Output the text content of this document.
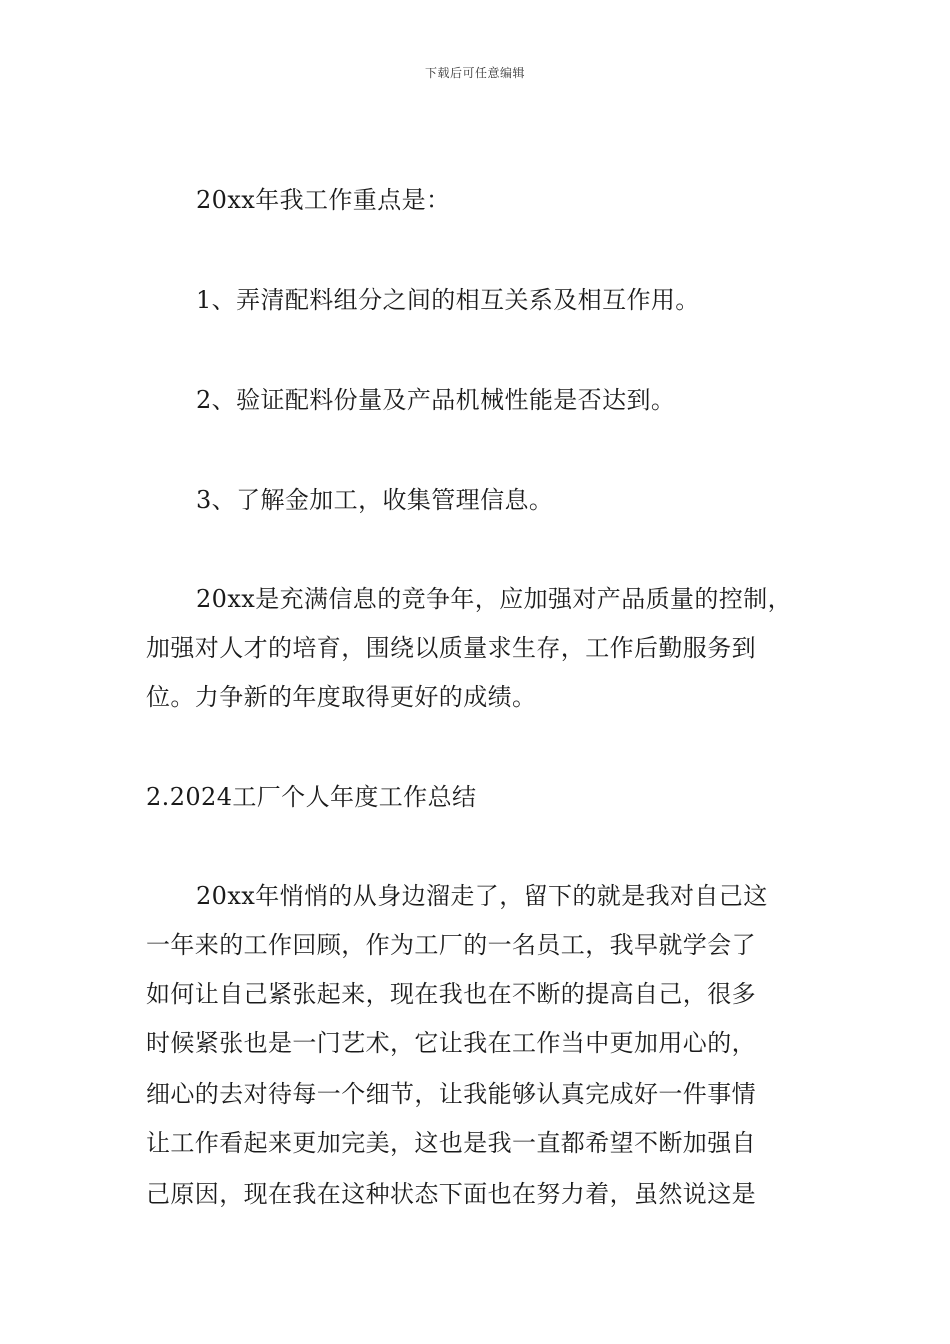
下载后可任意编辑
20xx年我工作重点是：
1、弄清配料组分之间的相互关系及相互作用。
2、验证配料份量及产品机械性能是否达到。
3、了解金加工，收集管理信息。
20xx是充满信息的竞争年，应加强对产品质量的控制，
加强对人才的培育，围绕以质量求生存，工作后勤服务到
位。力争新的年度取得更好的成绩。
2.2024工厂个人年度工作总结
20xx年悄悄的从身边溜走了，留下的就是我对自己这
一年来的工作回顾，作为工厂的一名员工，我早就学会了
如何让自己紧张起来，现在我也在不断的提高自己，很多
时候紧张也是一门艺术，它让我在工作当中更加用心的，
细心的去对待每一个细节，让我能够认真完成好一件事情
让工作看起来更加完美，这也是我一直都希望不断加强自
己原因，现在我在这种状态下面也在努力着，虽然说这是
